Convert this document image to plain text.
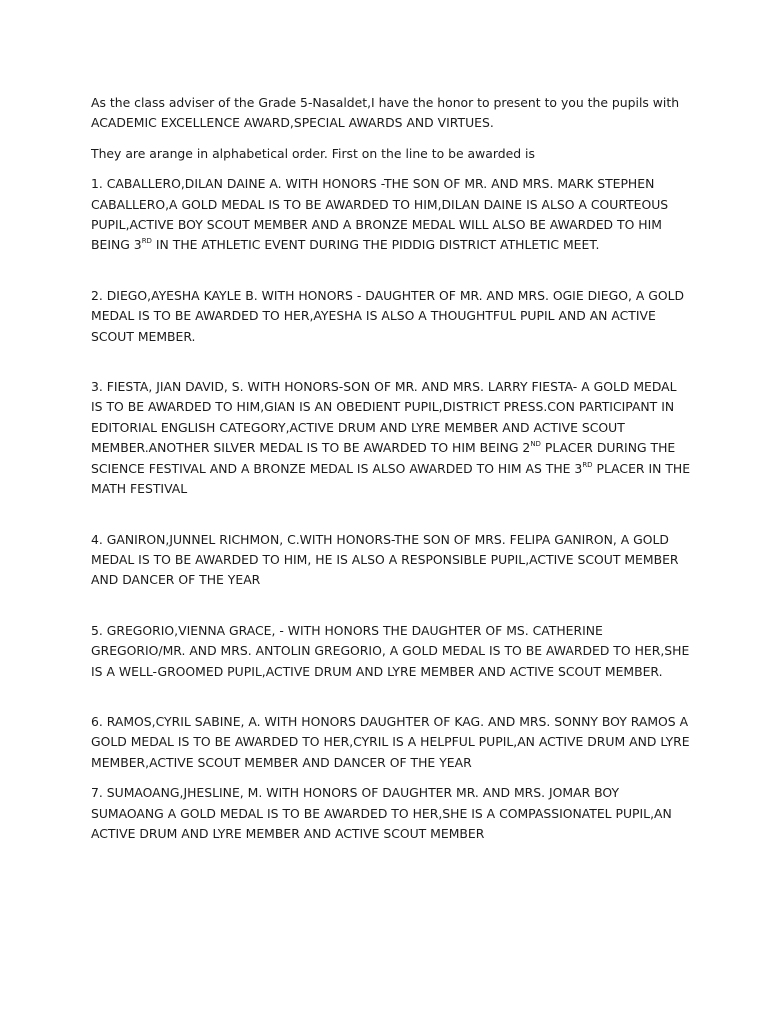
As the class adviser of the Grade 5-Nasaldet,I have the honor to present to you the pupils with ACADEMIC EXCELLENCE AWARD,SPECIAL AWARDS AND VIRTUES.

They are arange in alphabetical order. First on the line to be awarded is

1. CABALLERO,DILAN DAINE A. WITH HONORS -THE SON OF MR. AND MRS. MARK STEPHEN CABALLERO,A GOLD MEDAL IS TO BE AWARDED TO HIM,DILAN DAINE IS ALSO A COURTEOUS PUPIL,ACTIVE BOY SCOUT MEMBER AND A BRONZE MEDAL WILL ALSO BE AWARDED TO HIM BEING 3RD IN THE ATHLETIC EVENT DURING THE PIDDIG DISTRICT ATHLETIC MEET.

2. DIEGO,AYESHA KAYLE B. WITH HONORS - DAUGHTER OF MR. AND MRS. OGIE DIEGO, A GOLD MEDAL IS TO BE AWARDED TO HER,AYESHA IS ALSO A THOUGHTFUL PUPIL AND AN ACTIVE SCOUT MEMBER.

3. FIESTA, JIAN DAVID, S. WITH HONORS-SON OF MR. AND MRS. LARRY FIESTA- A GOLD MEDAL IS TO BE AWARDED TO HIM,GIAN IS AN OBEDIENT PUPIL,DISTRICT PRESS.CON PARTICIPANT IN EDITORIAL ENGLISH CATEGORY,ACTIVE DRUM AND LYRE MEMBER AND ACTIVE SCOUT MEMBER.ANOTHER SILVER MEDAL IS TO BE AWARDED TO HIM BEING 2ND PLACER DURING THE SCIENCE FESTIVAL AND A BRONZE MEDAL IS ALSO AWARDED TO HIM AS THE 3RD PLACER IN THE MATH FESTIVAL

4. GANIRON,JUNNEL RICHMON, C.WITH HONORS-THE SON OF MRS. FELIPA GANIRON, A GOLD MEDAL IS TO BE AWARDED TO HIM, HE IS ALSO A RESPONSIBLE PUPIL,ACTIVE SCOUT MEMBER AND DANCER OF THE YEAR

5. GREGORIO,VIENNA GRACE, - WITH HONORS THE DAUGHTER OF MS. CATHERINE GREGORIO/MR. AND MRS. ANTOLIN GREGORIO, A GOLD MEDAL IS TO BE AWARDED TO HER,SHE IS A WELL-GROOMED PUPIL,ACTIVE DRUM AND LYRE MEMBER AND ACTIVE SCOUT MEMBER.

6. RAMOS,CYRIL SABINE, A. WITH HONORS DAUGHTER OF KAG. AND MRS. SONNY BOY RAMOS A GOLD MEDAL IS TO BE AWARDED TO HER,CYRIL IS A HELPFUL PUPIL,AN ACTIVE DRUM AND LYRE MEMBER,ACTIVE SCOUT MEMBER AND DANCER OF THE YEAR

7. SUMAOANG,JHESLINE, M. WITH HONORS OF DAUGHTER MR. AND MRS. JOMAR BOY SUMAOANG A GOLD MEDAL IS TO BE AWARDED TO HER,SHE IS A COMPASSIONATEL PUPIL,AN ACTIVE DRUM AND LYRE MEMBER AND ACTIVE SCOUT MEMBER
